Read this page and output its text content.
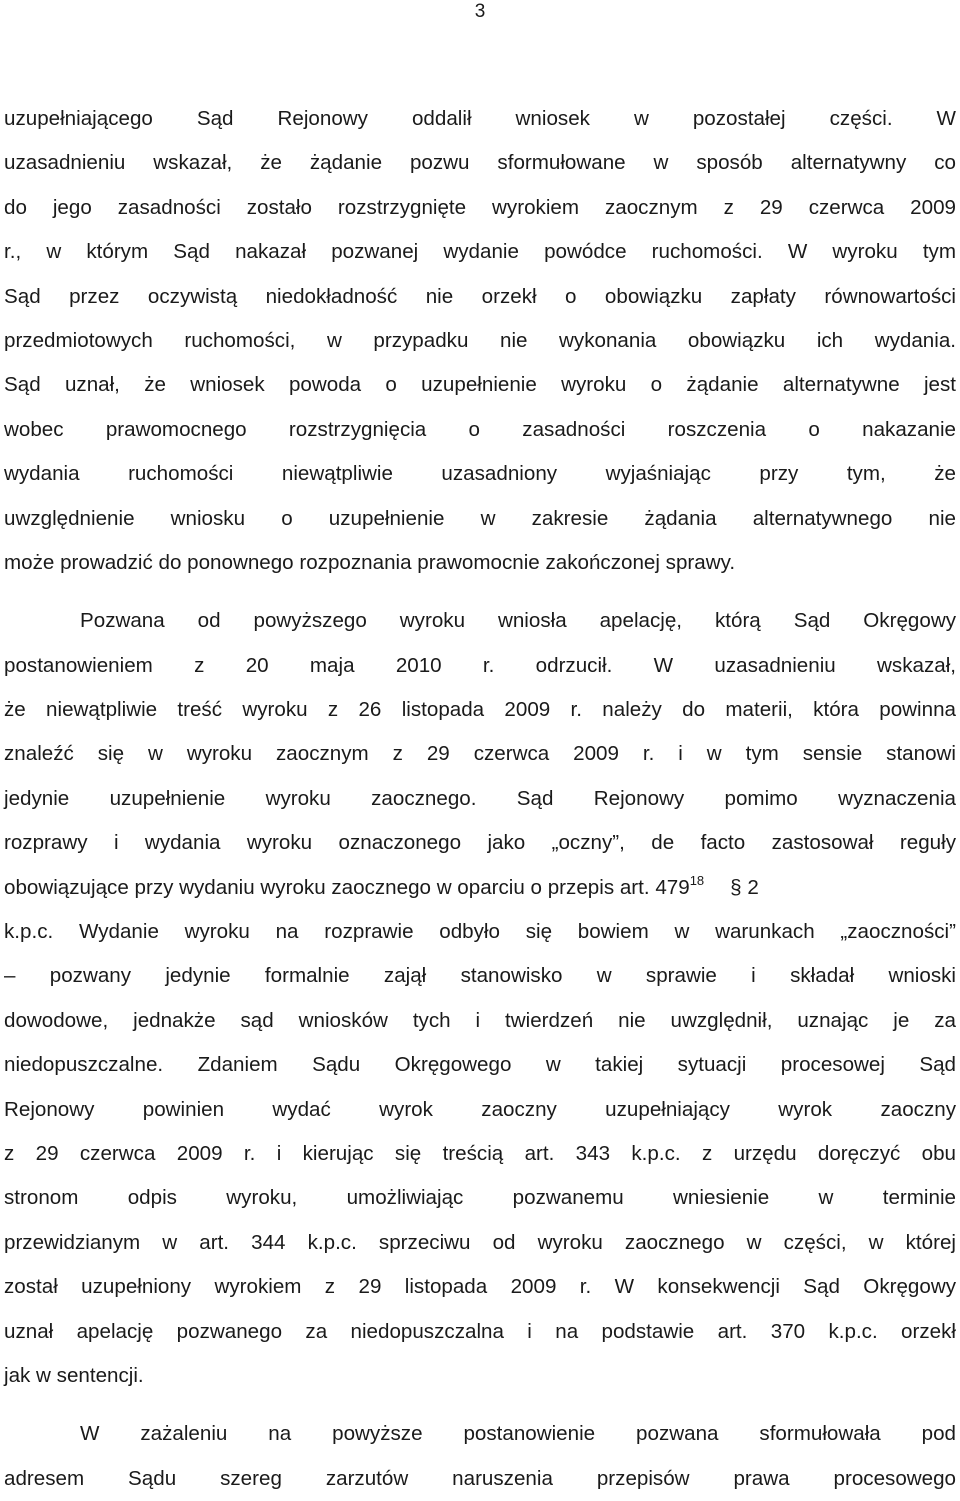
3
uzupełniającego Sąd Rejonowy oddalił wniosek w pozostałej części. W
uzasadnieniu wskazał, że żądanie pozwu sformułowane w sposób alternatywny co
do jego zasadności zostało rozstrzygnięte wyrokiem zaocznym z 29 czerwca 2009
r., w którym Sąd nakazał pozwanej wydanie powódce ruchomości. W wyroku tym
Sąd przez oczywistą niedokładność nie orzekł o obowiązku zapłaty równowartości
przedmiotowych ruchomości, w przypadku nie wykonania obowiązku ich wydania.
Sąd uznał, że wniosek powoda o uzupełnienie wyroku o żądanie alternatywne jest
wobec prawomocnego rozstrzygnięcia o zasadności roszczenia o nakazanie
wydania ruchomości niewątpliwie uzasadniony wyjaśniając przy tym, że
uwzględnienie wniosku o uzupełnienie w zakresie żądania alternatywnego nie
może prowadzić do ponownego rozpoznania prawomocnie zakończonej sprawy.
Pozwana od powyższego wyroku wniosła apelację, którą Sąd Okręgowy
postanowieniem z 20 maja 2010 r. odrzucił. W uzasadnieniu wskazał,
że niewątpliwie treść wyroku z 26 listopada 2009 r. należy do materii, która powinna
znaleźć się w wyroku zaocznym z 29 czerwca 2009 r. i w tym sensie stanowi
jedynie uzupełnienie wyroku zaocznego. Sąd Rejonowy pomimo wyznaczenia
rozprawy i wydania wyroku oznaczonego jako „oczny”, de facto zastosował reguły
obowiązujące przy wydaniu wyroku zaocznego w oparciu o przepis art. $479^{18}$ § 2
k.p.c. Wydanie wyroku na rozprawie odbyło się bowiem w warunkach „zaoczności”
– pozwany jedynie formalnie zajął stanowisko w sprawie i składał wnioski
dowodowe, jednakże sąd wniosków tych i twierdzeń nie uwzględnił, uznając je za
niedopuszczalne. Zdaniem Sądu Okręgowego w takiej sytuacji procesowej Sąd
Rejonowy powinien wydać wyrok zaoczny uzupełniający wyrok zaoczny
z 29 czerwca 2009 r. i kierując się treścią art. 343 k.p.c. z urzędu doręczyć obu
stronom odpis wyroku, umożliwiając pozwanemu wniesienie w terminie
przewidzianym w art. 344 k.p.c. sprzeciwu od wyroku zaocznego w części, w której
został uzupełniony wyrokiem z 29 listopada 2009 r. W konsekwencji Sąd Okręgowy
uznał apelację pozwanego za niedopuszczalna i na podstawie art. 370 k.p.c. orzekł
jak w sentencji.
W zażaleniu na powyższe postanowienie pozwana sformułowała pod
adresem Sądu szereg zarzutów naruszenia przepisów prawa procesowego
